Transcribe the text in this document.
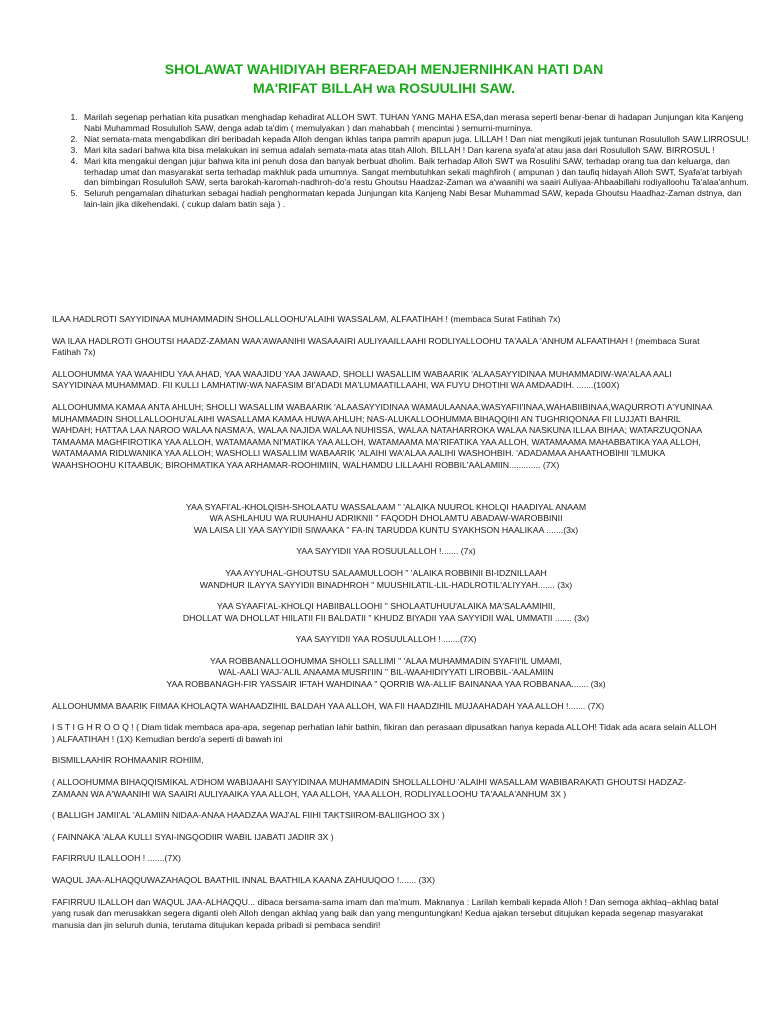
SHOLAWAT WAHIDIYAH BERFAEDAH MENJERNIHKAN HATI DAN
MA'RIFAT BILLAH wa ROSUULIHI SAW.
1. Marilah segenap perhatian kita pusatkan menghadap kehadirat ALLOH SWT. TUHAN YANG MAHA ESA,dan merasa seperti benar-benar di hadapan Junjungan kita Kanjeng Nabi Muhammad Rosululloh SAW, denga adab ta'dim ( memulyakan ) dan mahabbah ( mencintai ) semurni-murninya.
2. Niat semata-mata mengabdikan diri beribadah kepada Alloh dengan ikhlas tanpa pamrih apapun juga. LILLAH ! Dan niat mengikuti jejak tuntunan Rosululloh SAW.LIRROSUL!
3. Mari kita sadari bahwa kita bisa melakukan ini semua adalah semata-mata atas titah Alloh. BILLAH ! Dan karena syafa'at atau jasa dari Rosululloh SAW. BIRROSUL !
4. Mari kita mengakui dengan jujur bahwa kita ini penuh dosa dan banyak berbuat dholim. Baik terhadap Alloh SWT wa Rosulihi SAW, terhadap orang tua dan keluarga, dan terhadap umat dan masyarakat serta terhadap makhluk pada umumnya. Sangat membutuhkan sekali maghfiroh ( ampunan ) dan taufiq hidayah Alloh SWT, Syafa'at tarbiyah dan bimbingan Rosululloh SAW, serta barokah-karomah-nadhroh-do'a restu Ghoutsu Haadzaz-Zaman wa a'waanihi wa saairi Auliyaa-Ahbaabillahi rodiyalloohu Ta'alaa'anhum.
5. Seluruh pengamalan dihaturkan sebagai hadiah penghormatan kepada Junjungan kita Kanjeng Nabi Besar Muhammad SAW, kepada Ghoutsu Haadhaz-Zaman dstnya, dan lain-lain jika dikehendaki. ( cukup dalam batin saja ) .

ILAA HADLROTI SAYYIDINAA MUHAMMADIN SHOLLALLOOHU'ALAIHI WASSALAM, ALFAATIHAH ! (membaca Surat Fatihah 7x)

WA ILAA HADLROTI GHOUTSI HAADZ-ZAMAN WAA'AWAANIHI WASAAAIRI AULIYAAILLAAHI RODLIYALLOOHU TA'AALA 'ANHUM ALFAATIHAH ! (membaca Surat Fatihah 7x)

ALLOOHUMMA YAA WAAHIDU YAA AHAD, YAA WAAJIDU YAA JAWAAD, SHOLLI WASALLIM WABAARIK 'ALAASAYYIDINAA MUHAMMADIW-WA'ALAA AALI SAYYIDINAA MUHAMMAD. FII KULLI LAMHATIW-WA NAFASIM BI'ADADI MA'LUMAATILLAAHI, WA FUYU DHOTIHI WA AMDAADIH. .......(100X)

ALLOOHUMMA KAMAA ANTA AHLUH; SHOLLI WASALLIM WABAARIK 'ALAASAYYIDINAA WAMAULAANAA,WASYAFII'INAA,WAHABIIBINAA,WAQURROTI A'YUNINAA MUHAMMADIN SHOLLALLOOHU'ALAIHI WASALLAMA KAMAA HUWA AHLUH; NAS-ALUKALLOOHUMMA BIHAQQIHI AN TUGHRIQONAA FII LUJJATI BAHRIL WAHDAH; HATTAA LAA NAROO WALAA NASMA'A, WALAA NAJIDA WALAA NUHISSA, WALAA NATAHARROKA WALAA NASKUNA ILLAA BIHAA; WATARZUQONAA TAMAAMA MAGHFIROTIKA YAA ALLOH, WATAMAAMA NI'MATIKA YAA ALLOH, WATAMAAMA MA'RIFATIKA YAA ALLOH, WATAMAAMA MAHABBATIKA YAA ALLOH, WATAMAAMA RIDLWANIKA YAA ALLOH; WASHOLLI WASALLIM WABAARIK 'ALAIHI WA'ALAA AALIHI WASHOHBIH. 'ADADAMAA AHAATHOBIHII 'ILMUKA WAAHSHOOHU KITAABUK; BIROHMATIKA YAA ARHAMAR-ROOHIMIIN, WALHAMDU LILLAAHI ROBBIL'AALAMIIN............. (7X)

YAA SYAFI'AL-KHOLQISH-SHOLAATU WASSALAAM " 'ALAIKA NUUROL KHOLQI HAADIYAL ANAAM
WA ASHLAHUU WA RUUHAHU ADRIKNII " FAQODH DHOLAMTU ABADAW-WAROBBINII
WA LAISA LII YAA SAYYIDII SIWAAKA " FA-IN TARUDDA KUNTU SYAKHSON HAALIKAA .......(3x)

YAA SAYYIDII YAA ROSUULALLOH !....... (7x)

YAA AYYUHAL-GHOUTSU SALAAMULLOOH " 'ALAIKA ROBBINII BI-IDZNILLAAH
WANDHUR ILAYYA SAYYIDII BINADHROH " MUUSHILATIL-LIL-HADLROTIL'ALIYYAH....... (3x)

YAA SYAAFI'AL-KHOLQI HABIIBALLOOHI " SHOLAATUHUU'ALAIKA MA'SALAAMIHII,
DHOLLAT WA DHOLLAT HIILATII FII BALDATII " KHUDZ BIYADII YAA SAYYIDII WAL UMMATII ....... (3x)

YAA SAYYIDII YAA ROSUULALLOH ! .......(7X)

YAA ROBBANALLOOHUMMA SHOLLI SALLIMI " 'ALAA MUHAMMADIN SYAFII'IL UMAMI,
WAL-AALI WAJ-'ALIL ANAAMA MUSRI'IIN " BIL-WAAHIDIYYATI LIROBBIL-'AALAMIIN
YAA ROBBANAGH-FIR YASSAIR IFTAH WAHDINAA " QORRIB WA-ALLIF BAINANAA YAA ROBBANAA....... (3x)

ALLOOHUMMA BAARIK FIIMAA KHOLAQTA WAHAADZIHIL BALDAH YAA ALLOH, WA FII HAADZIHIL MUJAAHADAH YAA ALLOH !....... (7X)

I S T I G H R O O Q ! ( Diam tidak membaca apa-apa, segenap perhatian lahir bathin, fikiran dan perasaan dipusatkan hanya kepada ALLOH! Tidak ada acara selain ALLOH ) ALFAATIHAH ! (1X) Kemudian berdo'a seperti di bawah ini

BISMILLAAHIR ROHMAANIR ROHIIM,

( ALLOOHUMMA BIHAQQISMIKAL A'DHOM WABIJAAHI SAYYIDINAA MUHAMMADIN SHOLLALLOHU 'ALAIHI WASALLAM WABIBARAKATI GHOUTSI HADZAZ-ZAMAAN WA A'WAANIHI WA SAAIRI AULIYAAIKA YAA ALLOH, YAA ALLOH, YAA ALLOH, RODLIYALLOOHU TA'AALA'ANHUM 3X )

( BALLIGH JAMII'AL 'ALAMIIN NIDAA-ANAA HAADZAA WAJ'AL FIIHI TAKTSIIROM-BALIIGHOO 3X )

( FAINNAKA 'ALAA KULLI SYAI-INGQODIIR WABIL IJABATI JADIIR 3X )

FAFIRRUU ILALLOOH ! .......(7X)

WAQUL JAA-ALHAQQUWAZAHAQOL BAATHIL INNAL BAATHILA KAANA ZAHUUQOO !....... (3X)

FAFIRRUU ILALLOH dan WAQUL JAA-ALHAQQU... dibaca bersama-sama imam dan ma'mum. Maknanya : Larilah kembali kepada Alloh ! Dan semoga akhlaq–akhlaq batal yang rusak dan merusakkan segera diganti oleh Alloh dengan akhlaq yang baik dan yang menguntungkan! Kedua ajakan tersebut ditujukan kepada segenap masyarakat manusia dan jin seluruh dunia, terutama ditujukan kepada pribadi si pembaca sendiri!
